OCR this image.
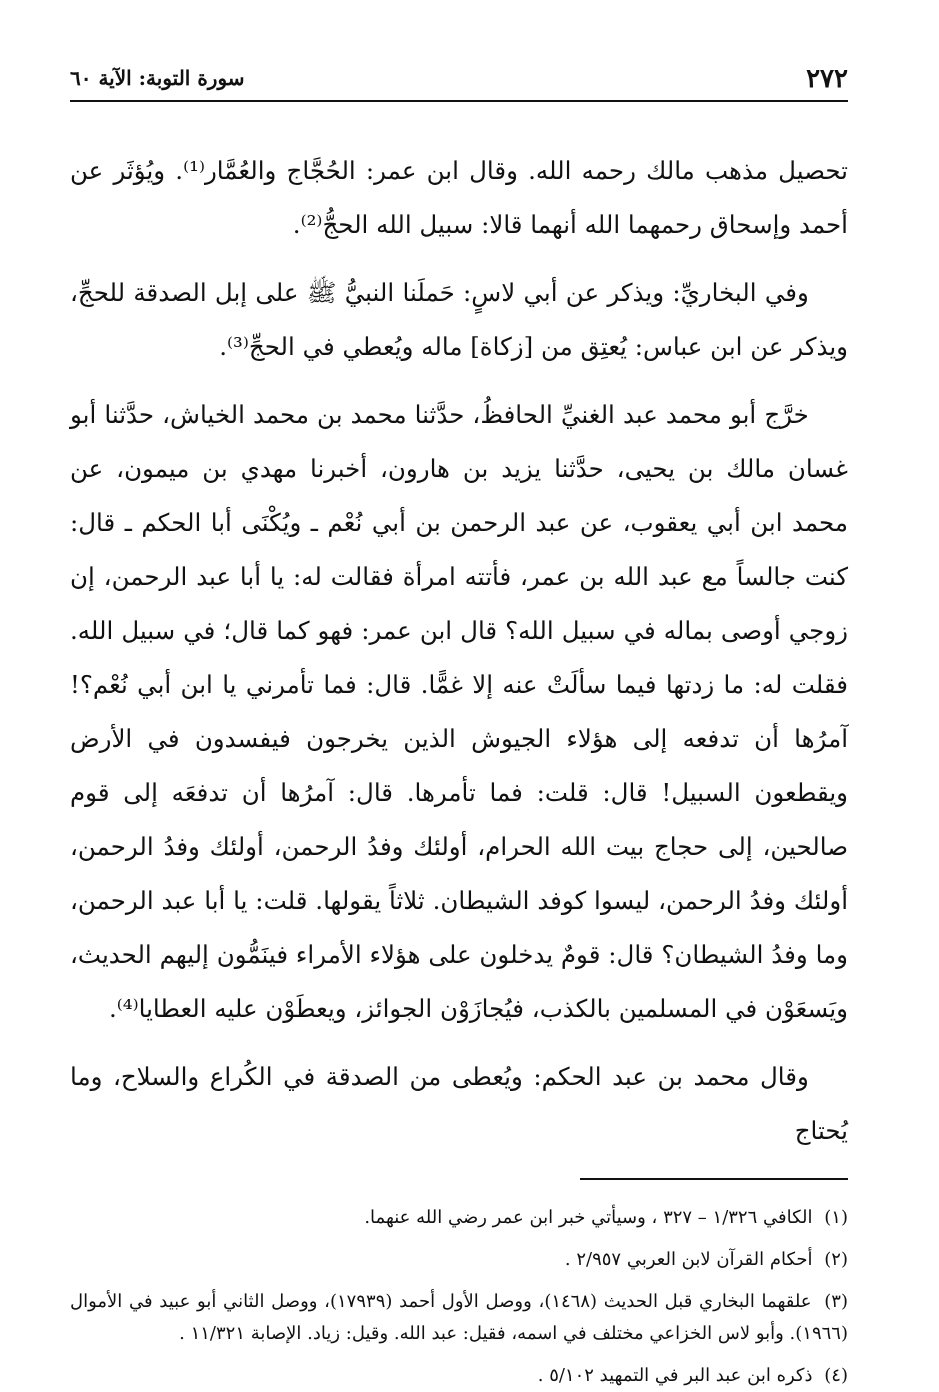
٢٧٢
سورة التوبة: الآية ٦٠

تحصيل مذهب مالك رحمه الله. وقال ابن عمر: الحُجَّاج والعُمَّار⁽¹⁾. ويُؤثَر عن أحمد وإسحاق رحمهما الله أنهما قالا: سبيل الله الحجُّ⁽²⁾.

وفي البخاريِّ: ويذكر عن أبي لاسٍ: حَملَنا النبيُّ ﷺ على إبل الصدقة للحجِّ، ويذكر عن ابن عباس: يُعتِق من [زكاة] ماله ويُعطي في الحجِّ⁽³⁾.

خرَّج أبو محمد عبد الغنيِّ الحافظُ، حدَّثنا محمد بن محمد الخياش، حدَّثنا أبو غسان مالك بن يحيى، حدَّثنا يزيد بن هارون، أخبرنا مهدي بن ميمون، عن محمد ابن أبي يعقوب، عن عبد الرحمن بن أبي نُعْم ـ ويُكْنَى أبا الحكم ـ قال: كنت جالساً مع عبد الله بن عمر، فأتته امرأة فقالت له: يا أبا عبد الرحمن، إن زوجي أوصى بماله في سبيل الله؟ قال ابن عمر: فهو كما قال؛ في سبيل الله. فقلت له: ما زدتها فيما سألَتْ عنه إلا غمًّا. قال: فما تأمرني يا ابن أبي نُعْم؟! آمرُها أن تدفعه إلى هؤلاء الجيوش الذين يخرجون فيفسدون في الأرض ويقطعون السبيل! قال: قلت: فما تأمرها. قال: آمرُها أن تدفعَه إلى قوم صالحين، إلى حجاج بيت الله الحرام، أولئك وفدُ الرحمن، أولئك وفدُ الرحمن، أولئك وفدُ الرحمن، ليسوا كوفد الشيطان. ثلاثاً يقولها. قلت: يا أبا عبد الرحمن، وما وفدُ الشيطان؟ قال: قومٌ يدخلون على هؤلاء الأمراء فينَمُّون إليهم الحديث، ويَسعَوْن في المسلمين بالكذب، فيُجازَوْن الجوائز، ويعطَوْن عليه العطايا⁽⁴⁾.

وقال محمد بن عبد الحكم: ويُعطى من الصدقة في الكُراع والسلاح، وما يُحتاج

(١) الكافي ١/٣٢٦ – ٣٢٧ ، وسيأتي خبر ابن عمر رضي الله عنهما.

(٢) أحكام القرآن لابن العربي ٢/٩٥٧ .

(٣) علقهما البخاري قبل الحديث (١٤٦٨)، ووصل الأول أحمد (١٧٩٣٩)، ووصل الثاني أبو عبيد في الأموال (١٩٦٦). وأبو لاس الخزاعي مختلف في اسمه، فقيل: عبد الله. وقيل: زياد. الإصابة ١١/٣٢١ .

(٤) ذكره ابن عبد البر في التمهيد ٥/١٠٢ .
